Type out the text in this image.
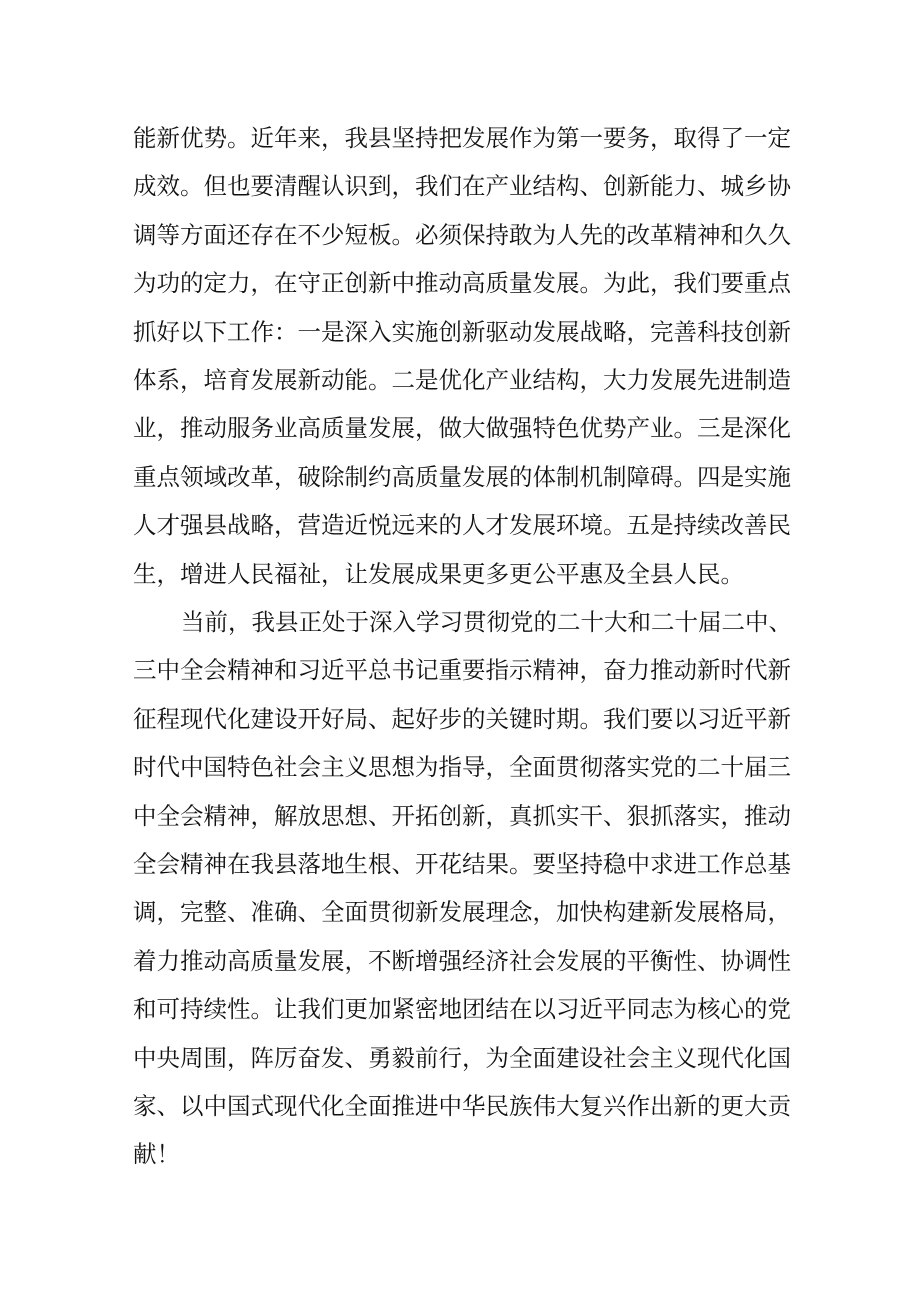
能新优势。近年来，我县坚持把发展作为第一要务，取得了一定
成效。但也要清醒认识到，我们在产业结构、创新能力、城乡协
调等方面还存在不少短板。必须保持敢为人先的改革精神和久久
为功的定力，在守正创新中推动高质量发展。为此，我们要重点
抓好以下工作：一是深入实施创新驱动发展战略，完善科技创新
体系，培育发展新动能。二是优化产业结构，大力发展先进制造
业，推动服务业高质量发展，做大做强特色优势产业。三是深化
重点领域改革，破除制约高质量发展的体制机制障碍。四是实施
人才强县战略，营造近悦远来的人才发展环境。五是持续改善民
生，增进人民福祉，让发展成果更多更公平惠及全县人民。
当前，我县正处于深入学习贯彻党的二十大和二十届二中、
三中全会精神和习近平总书记重要指示精神，奋力推动新时代新
征程现代化建设开好局、起好步的关键时期。我们要以习近平新
时代中国特色社会主义思想为指导，全面贯彻落实党的二十届三
中全会精神，解放思想、开拓创新，真抓实干、狠抓落实，推动
全会精神在我县落地生根、开花结果。要坚持稳中求进工作总基
调，完整、准确、全面贯彻新发展理念，加快构建新发展格局，
着力推动高质量发展，不断增强经济社会发展的平衡性、协调性
和可持续性。让我们更加紧密地团结在以习近平同志为核心的党
中央周围，阵厉奋发、勇毅前行，为全面建设社会主义现代化国
家、以中国式现代化全面推进中华民族伟大复兴作出新的更大贡
献！
